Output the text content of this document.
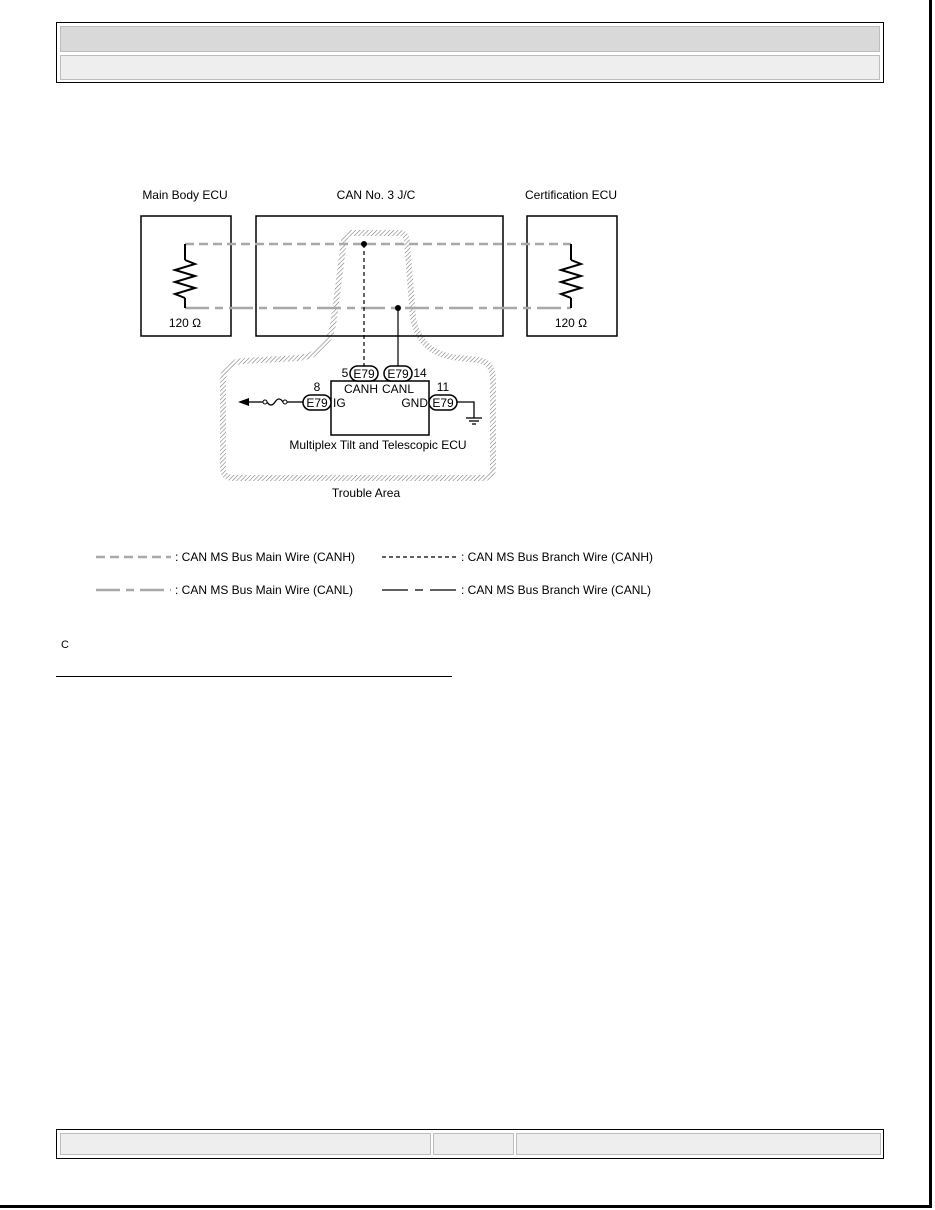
Main Body ECU	CAN No. 3 J/C	Certification ECU
120 Ω	120 Ω
E79 E79
E79	E79
5	14
8	11
CANH CANL
IG	GND
Multiplex Tilt and Telescopic ECU
Trouble Area
: CAN MS Bus Main Wire (CANH)	: CAN MS Bus Branch Wire (CANH)
: CAN MS Bus Main Wire (CANL)	: CAN MS Bus Branch Wire (CANL)
C
